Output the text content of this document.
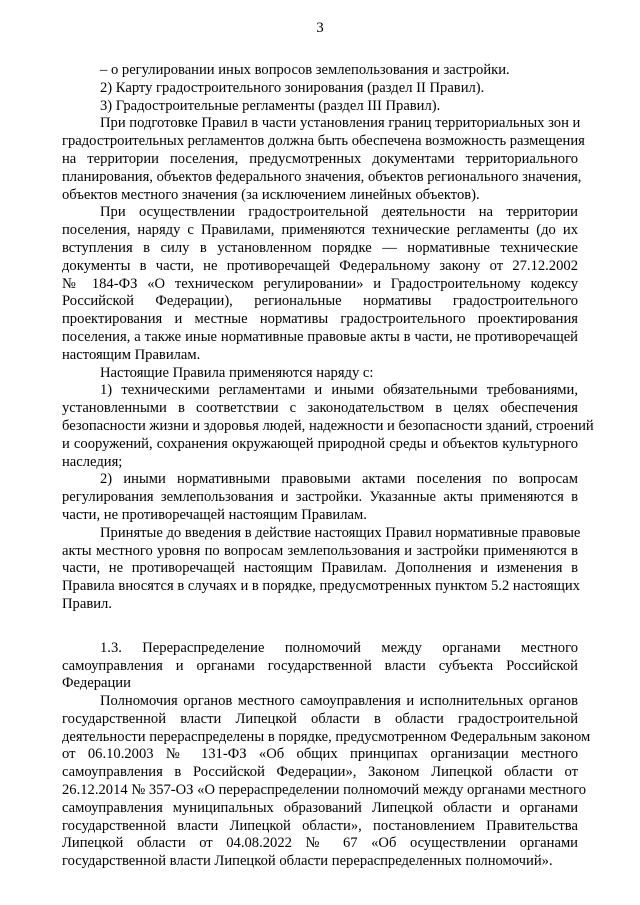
3
– о регулировании иных вопросов землепользования и застройки.
2) Карту градостроительного зонирования (раздел II Правил).
3) Градостроительные регламенты (раздел III Правил).
При подготовке Правил в части установления границ территориальных зон и
градостроительных регламентов должна быть обеспечена возможность размещения
на территории поселения, предусмотренных документами территориального
планирования, объектов федерального значения, объектов регионального значения,
объектов местного значения (за исключением линейных объектов).
При осуществлении градостроительной деятельности на территории
поселения, наряду с Правилами, применяются технические регламенты (до их
вступления в силу в установленном порядке — нормативные технические
документы в части, не противоречащей Федеральному закону от 27.12.2002
№ 184-ФЗ «О техническом регулировании» и Градостроительному кодексу
Российской Федерации), региональные нормативы градостроительного
проектирования и местные нормативы градостроительного проектирования
поселения, а также иные нормативные правовые акты в части, не противоречащей
настоящим Правилам.
Настоящие Правила применяются наряду с:
1) техническими регламентами и иными обязательными требованиями,
установленными в соответствии с законодательством в целях обеспечения
безопасности жизни и здоровья людей, надежности и безопасности зданий, строений
и сооружений, сохранения окружающей природной среды и объектов культурного
наследия;
2) иными нормативными правовыми актами поселения по вопросам
регулирования землепользования и застройки. Указанные акты применяются в
части, не противоречащей настоящим Правилам.
Принятые до введения в действие настоящих Правил нормативные правовые
акты местного уровня по вопросам землепользования и застройки применяются в
части, не противоречащей настоящим Правилам. Дополнения и изменения в
Правила вносятся в случаях и в порядке, предусмотренных пунктом 5.2 настоящих
Правил.
1.3. Перераспределение полномочий между органами местного
самоуправления и органами государственной власти субъекта Российской
Федерации
Полномочия органов местного самоуправления и исполнительных органов
государственной власти Липецкой области в области градостроительной
деятельности перераспределены в порядке, предусмотренном Федеральным законом
от 06.10.2003 № 131-ФЗ «Об общих принципах организации местного
самоуправления в Российской Федерации», Законом Липецкой области от
26.12.2014 № 357-ОЗ «О перераспределении полномочий между органами местного
самоуправления муниципальных образований Липецкой области и органами
государственной власти Липецкой области», постановлением Правительства
Липецкой области от 04.08.2022 № 67 «Об осуществлении органами
государственной власти Липецкой области перераспределенных полномочий».
